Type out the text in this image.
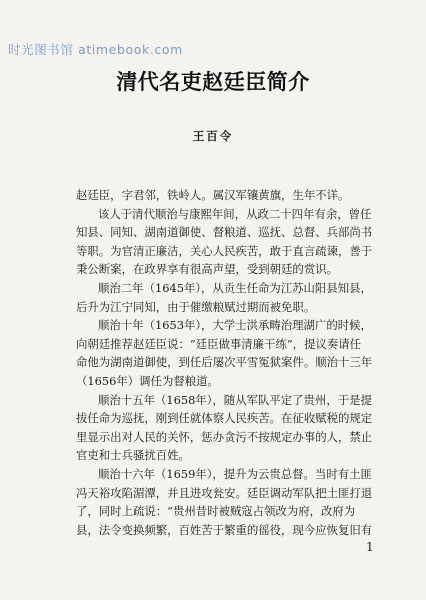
时光图书馆 atimebook.com
清代名吏赵廷臣简介
王百令
赵廷臣，字君邻，铁岭人。属汉军镶黄旗，生年不详。
该人于清代顺治与康熙年间，从政二十四年有余，曾任
知县、同知、湖南道御使、督粮道、巡抚、总督、兵部尚书
等职。为官清正廉洁，关心人民疾苦，敢于直言疏谏，善于
秉公断案，在政界享有很高声望，受到朝廷的赏识。
顺治二年（1645年），从贡生任命为江苏山阳县知县，
后升为江宁同知，由于催缴粮赋过期而被免职。
顺治十年（1653年），大学士洪承畴治理湖广的时候，
向朝廷推荐赵廷臣说：“廷臣做事清廉干练”，提议奏请任
命他为湖南道御使，到任后屡次平雪冤狱案件。顺治十三年
（1656年）调任为督粮道。
顺治十五年（1658年），随从军队平定了贵州，于是提
拔任命为巡抚，刚到任就体察人民疾苦。在征收赋税的规定
里显示出对人民的关怀，惩办贪污不按规定办事的人，禁止
官吏和士兵骚扰百姓。
顺治十六年（1659年），提升为云贵总督。当时有土匪
冯天裕攻陷湄潭，并且进攻瓮安。廷臣调动军队把土匪打退
了，同时上疏说：“贵州昔时被贼寇占领改为府，改府为
县，法令变换频繁，百姓苦于繁重的徭役，现今应恢复旧有
1
